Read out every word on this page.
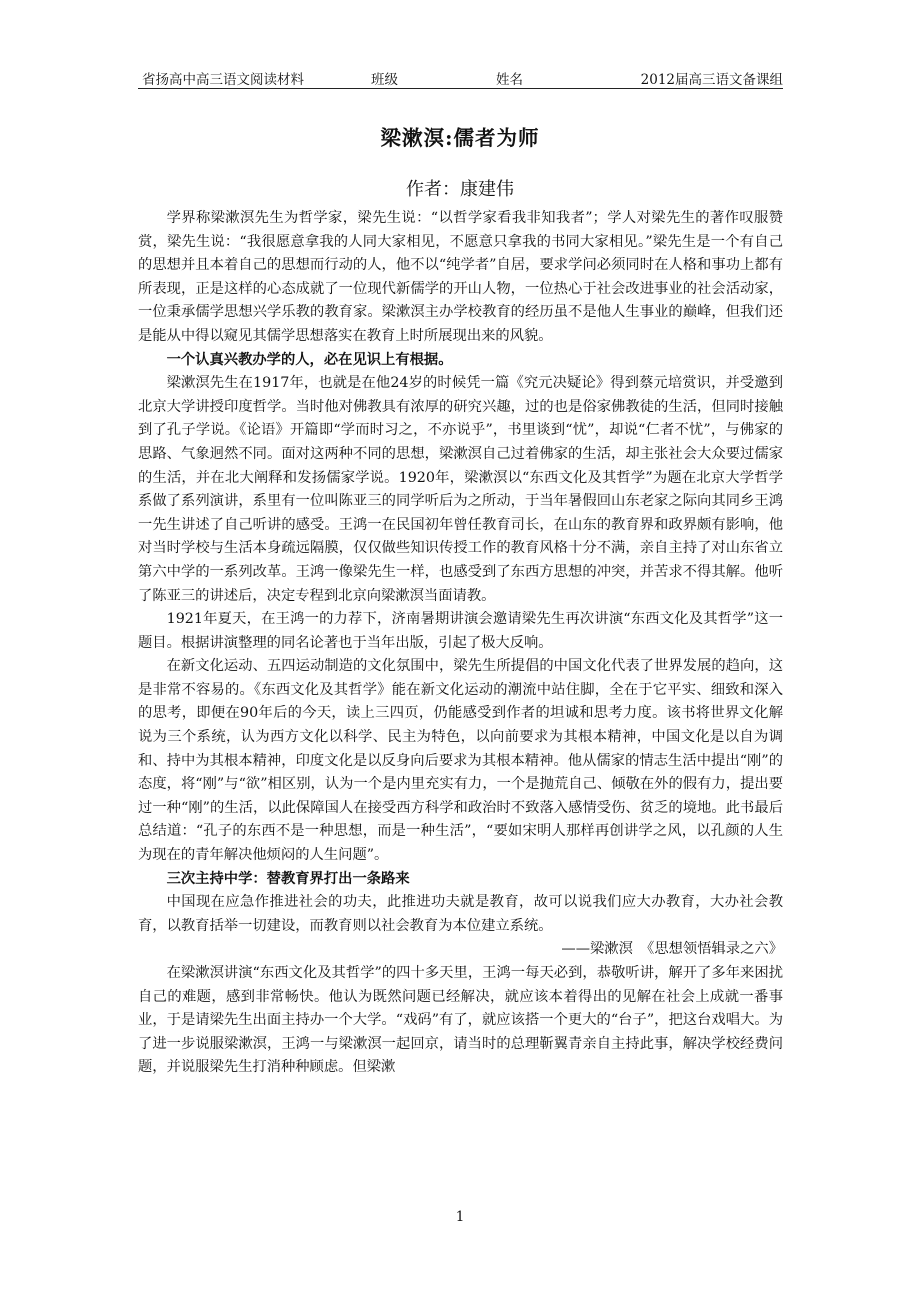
省扬高中高三语文阅读材料	班级	姓名	2012届高三语文备课组
梁漱溟:儒者为师
作者：康建伟

学界称梁漱溟先生为哲学家，梁先生说：“以哲学家看我非知我者”；学人对梁先生的著作叹服赞赏，梁先生说：“我很愿意拿我的人同大家相见，不愿意只拿我的书同大家相见。”梁先生是一个有自己的思想并且本着自己的思想而行动的人，他不以“纯学者”自居，要求学问必须同时在人格和事功上都有所表现，正是这样的心态成就了一位现代新儒学的开山人物，一位热心于社会改进事业的社会活动家，一位秉承儒学思想兴学乐教的教育家。梁漱溟主办学校教育的经历虽不是他人生事业的巅峰，但我们还是能从中得以窥见其儒学思想落实在教育上时所展现出来的风貌。

一个认真兴教办学的人，必在见识上有根据。

梁漱溟先生在1917年，也就是在他24岁的时候凭一篇《究元决疑论》得到蔡元培赏识，并受邀到北京大学讲授印度哲学。当时他对佛教具有浓厚的研究兴趣，过的也是俗家佛教徒的生活，但同时接触到了孔子学说。《论语》开篇即“学而时习之，不亦说乎”，书里谈到“忧”，却说“仁者不忧”，与佛家的思路、气象迥然不同。面对这两种不同的思想，梁漱溟自己过着佛家的生活，却主张社会大众要过儒家的生活，并在北大阐释和发扬儒家学说。1920年，梁漱溟以“东西文化及其哲学”为题在北京大学哲学系做了系列演讲，系里有一位叫陈亚三的同学听后为之所动，于当年暑假回山东老家之际向其同乡王鸿一先生讲述了自己听讲的感受。王鸿一在民国初年曾任教育司长，在山东的教育界和政界颇有影响，他对当时学校与生活本身疏远隔膜，仅仅做些知识传授工作的教育风格十分不满，亲自主持了对山东省立第六中学的一系列改革。王鸿一像梁先生一样，也感受到了东西方思想的冲突，并苦求不得其解。他听了陈亚三的讲述后，决定专程到北京向梁漱溟当面请教。

1921年夏天，在王鸿一的力荐下，济南暑期讲演会邀请梁先生再次讲演“东西文化及其哲学”这一题目。根据讲演整理的同名论著也于当年出版，引起了极大反响。

在新文化运动、五四运动制造的文化氛围中，梁先生所提倡的中国文化代表了世界发展的趋向，这是非常不容易的。《东西文化及其哲学》能在新文化运动的潮流中站住脚，全在于它平实、细致和深入的思考，即便在90年后的今天，读上三四页，仍能感受到作者的坦诚和思考力度。该书将世界文化解说为三个系统，认为西方文化以科学、民主为特色，以向前要求为其根本精神，中国文化是以自为调和、持中为其根本精神，印度文化是以反身向后要求为其根本精神。他从儒家的情志生活中提出“刚”的态度，将“刚”与“欲”相区别，认为一个是内里充实有力，一个是抛荒自己、倾敬在外的假有力，提出要过一种“刚”的生活，以此保障国人在接受西方科学和政治时不致落入感情受伤、贫乏的境地。此书最后总结道：“孔子的东西不是一种思想，而是一种生活”，“要如宋明人那样再创讲学之风，以孔颜的人生为现在的青年解决他烦闷的人生问题”。

三次主持中学：替教育界打出一条路来

中国现在应急作推进社会的功夫，此推进功夫就是教育，故可以说我们应大办教育，大办社会教育，以教育括举一切建设，而教育则以社会教育为本位建立系统。

——梁漱溟　《思想领悟辑录之六》

在梁漱溟讲演“东西文化及其哲学”的四十多天里，王鸿一每天必到，恭敬听讲，解开了多年来困扰自己的难题，感到非常畅快。他认为既然问题已经解决，就应该本着得出的见解在社会上成就一番事业，于是请梁先生出面主持办一个大学。“戏码”有了，就应该搭一个更大的“台子”，把这台戏唱大。为了进一步说服梁漱溟，王鸿一与梁漱溟一起回京，请当时的总理靳翼青亲自主持此事，解决学校经费问题，并说服梁先生打消种种顾虑。但梁漱

1
